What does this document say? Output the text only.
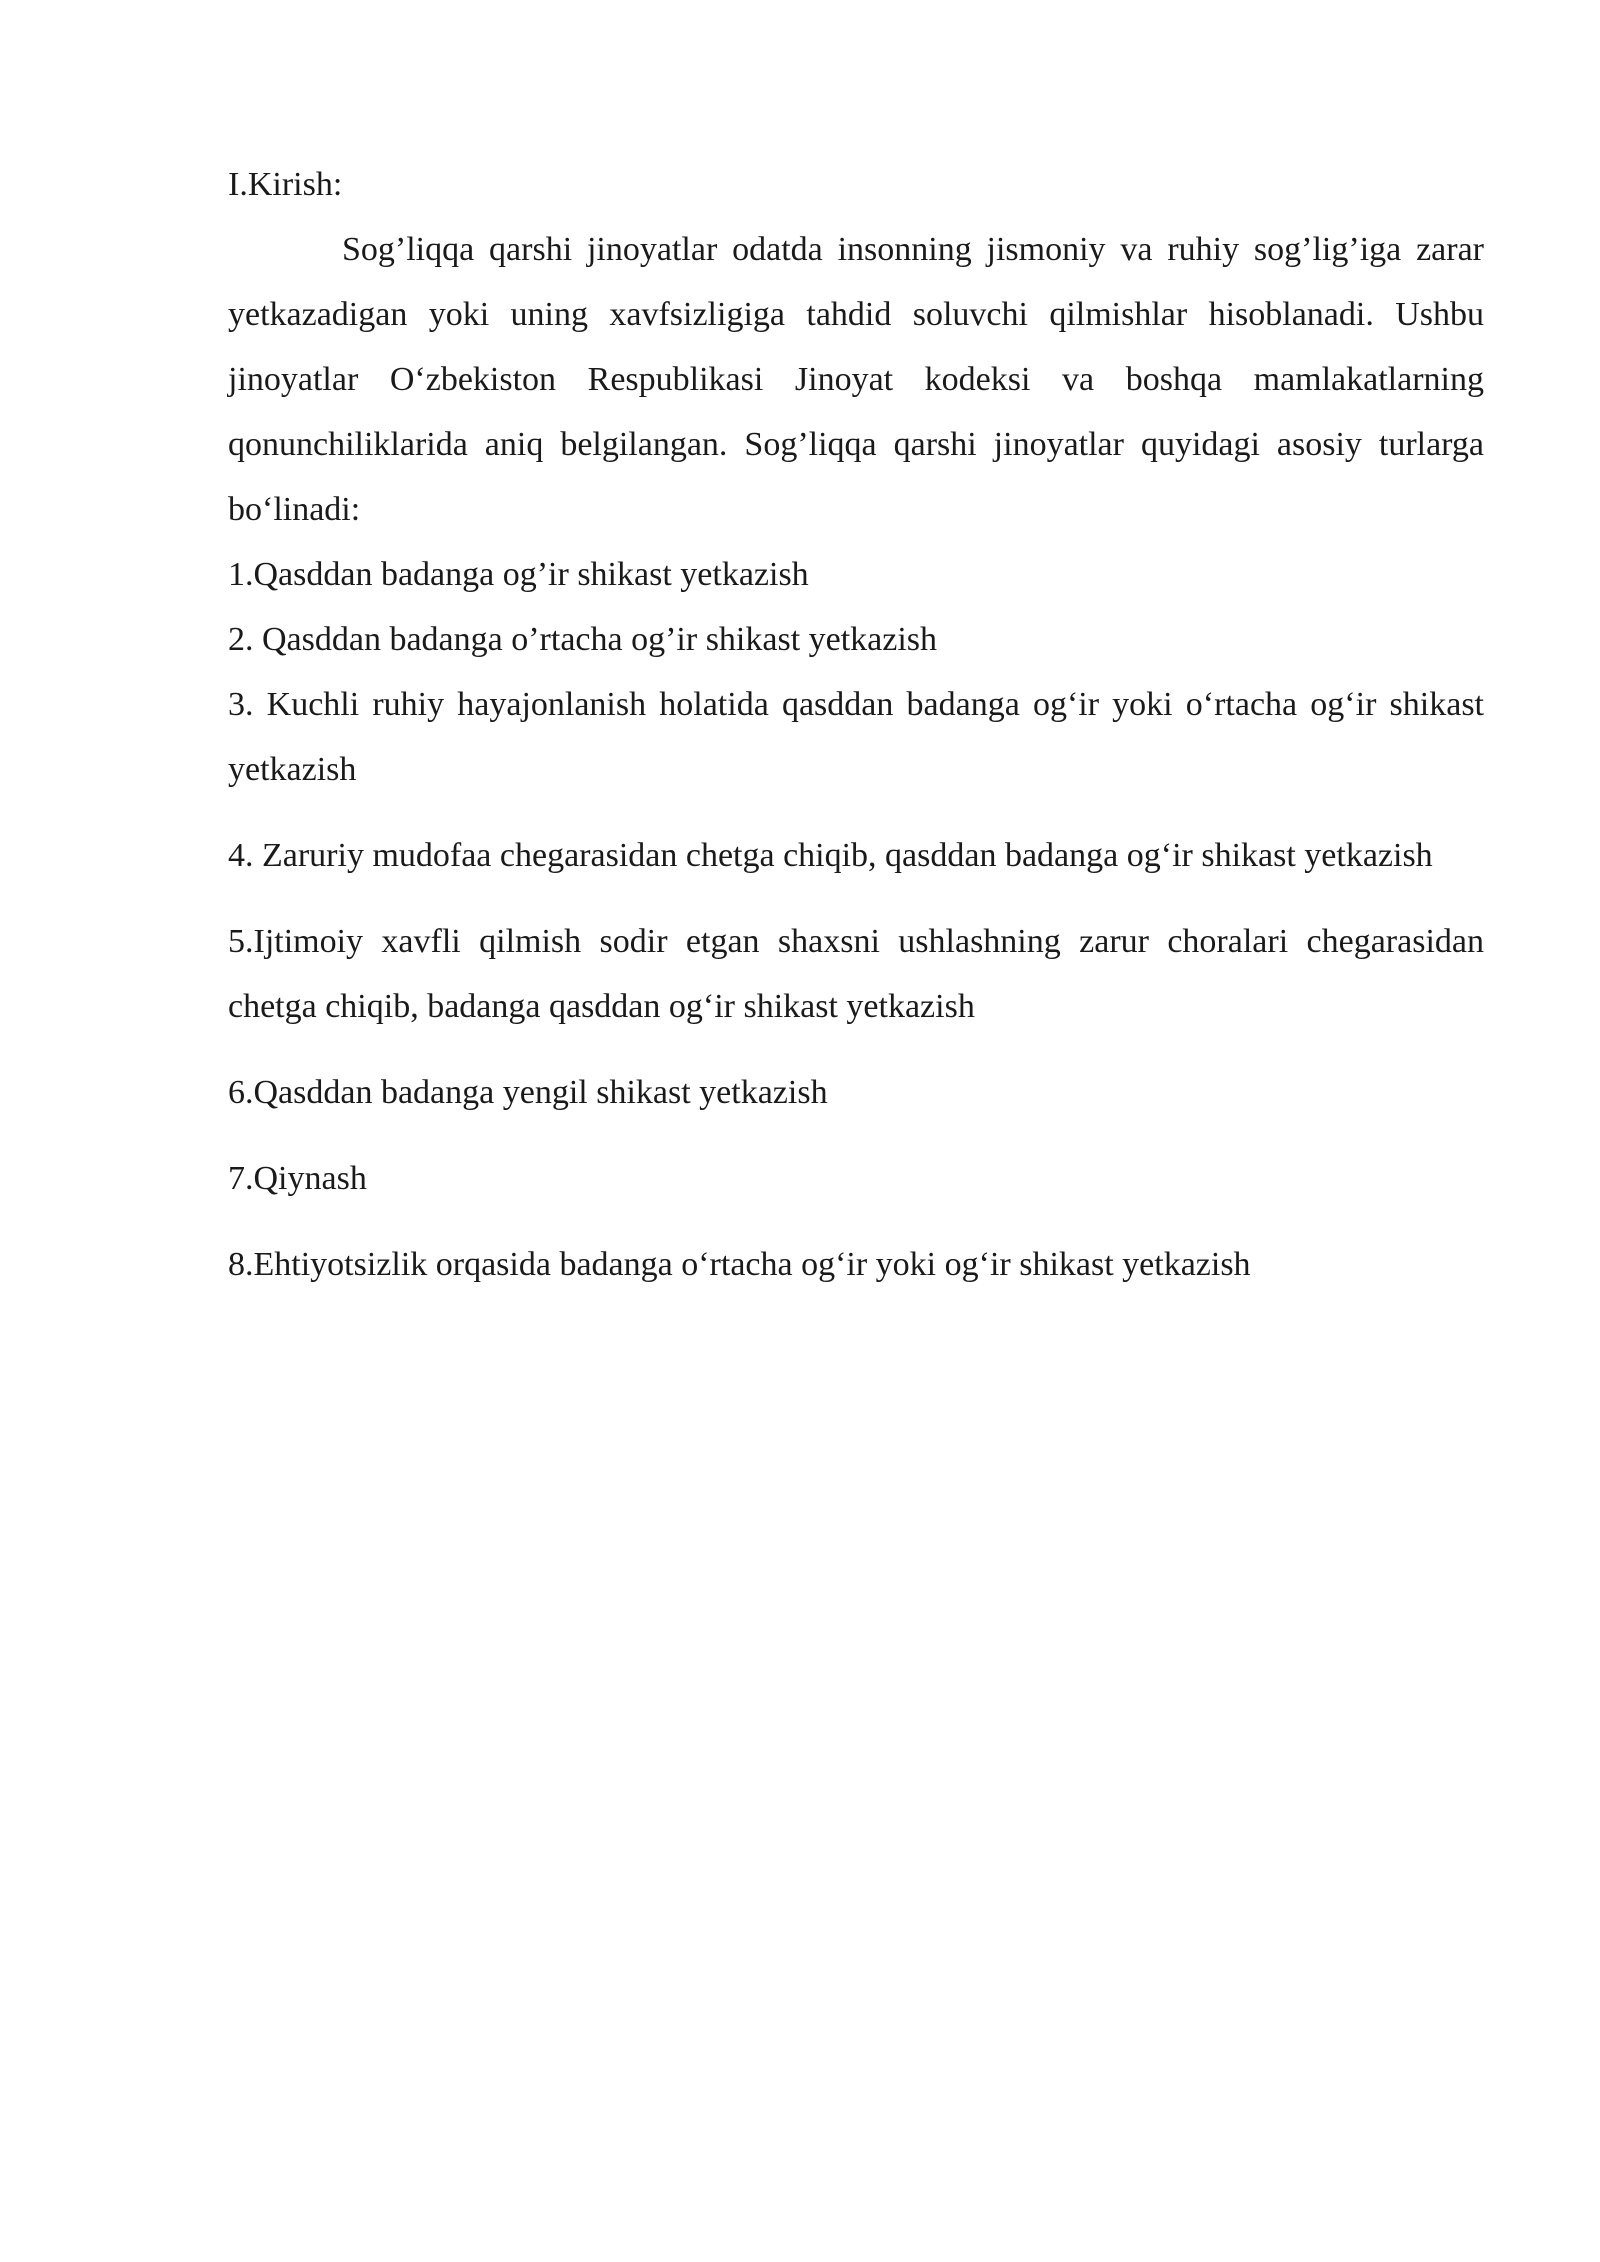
I.Kirish:

Sog’liqqa qarshi jinoyatlar odatda insonning jismoniy va ruhiy sog’lig’iga zarar yetkazadigan yoki uning xavfsizligiga tahdid soluvchi qilmishlar hisoblanadi. Ushbu jinoyatlar O‘zbekiston Respublikasi Jinoyat kodeksi va boshqa mamlakatlarning qonunchiliklarida aniq belgilangan. Sog’liqqa qarshi jinoyatlar quyidagi asosiy turlarga bo‘linadi:

1.Qasddan badanga og’ir shikast yetkazish

2. Qasddan badanga o’rtacha og’ir shikast yetkazish

3. Kuchli ruhiy hayajonlanish holatida qasddan badanga og‘ir yoki o‘rtacha og‘ir shikast yetkazish

4. Zaruriy mudofaa chegarasidan chetga chiqib, qasddan badanga og‘ir shikast yetkazish

5.Ijtimoiy xavfli qilmish sodir etgan shaxsni ushlashning zarur choralari chegarasidan chetga chiqib, badanga qasddan og‘ir shikast yetkazish

6.Qasddan badanga yengil shikast yetkazish

7.Qiynash

8.Ehtiyotsizlik orqasida badanga o‘rtacha og‘ir yoki og‘ir shikast yetkazish
